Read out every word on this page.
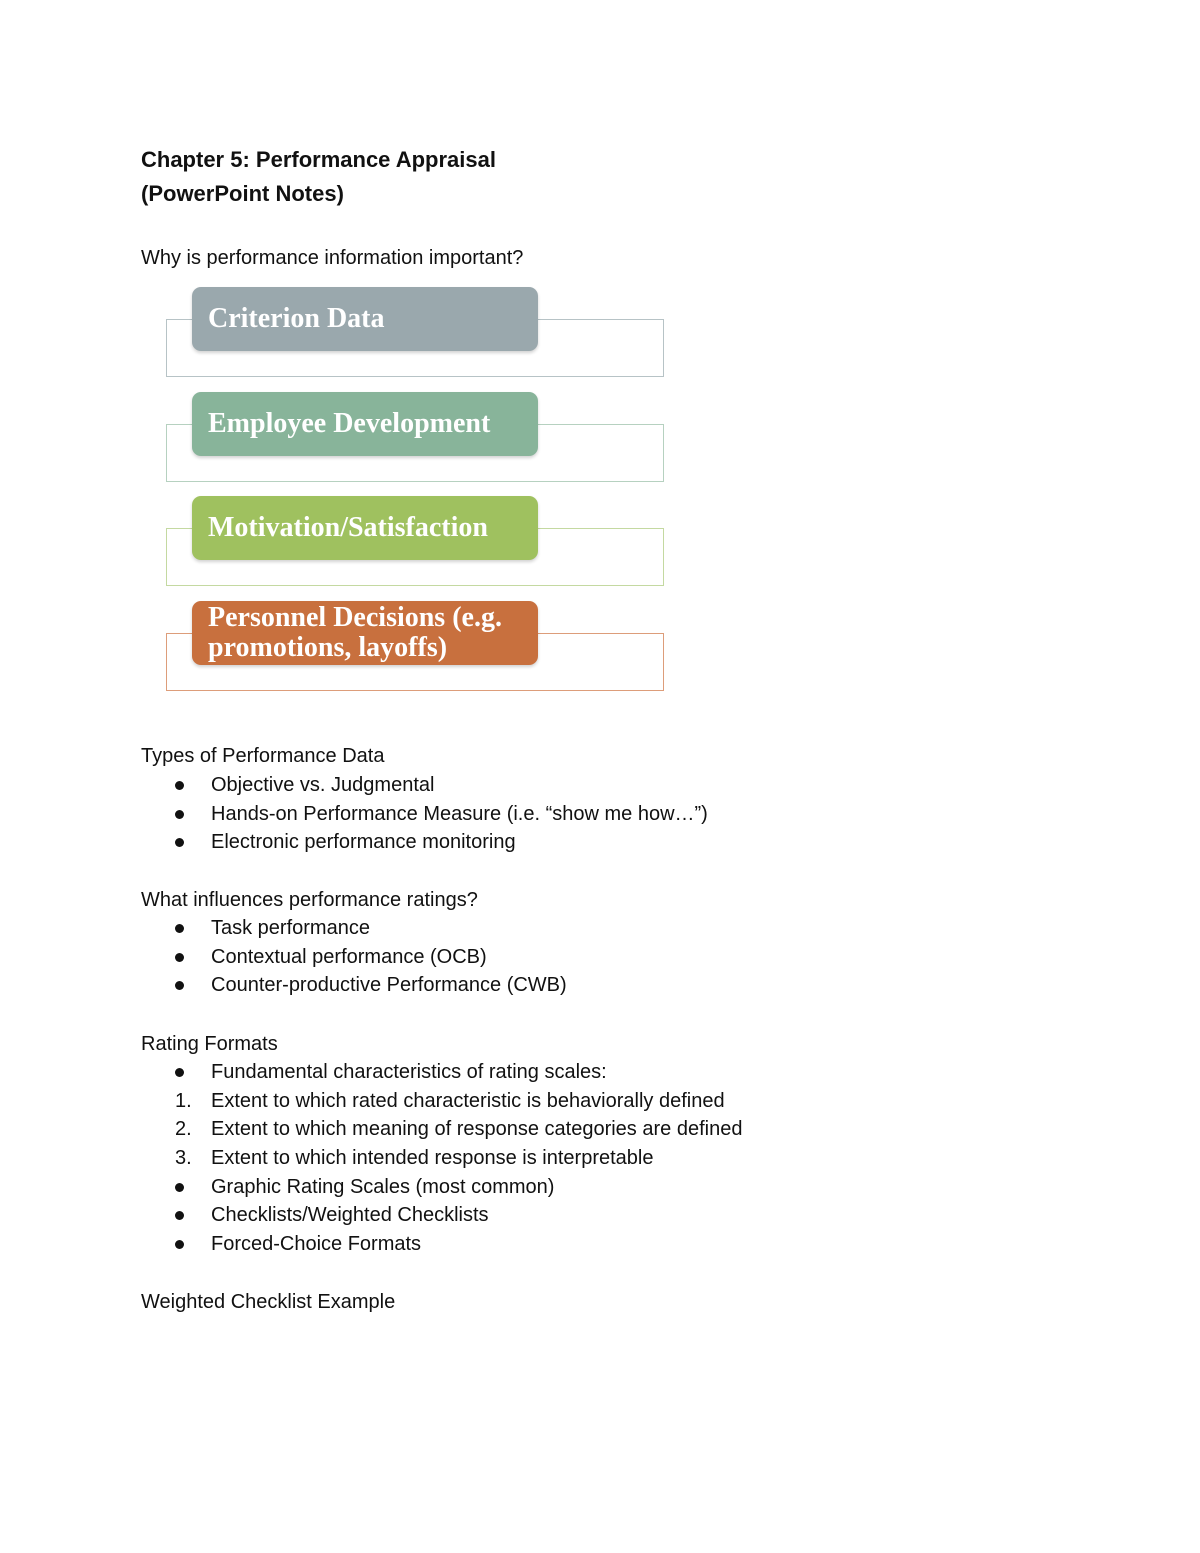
Chapter 5: Performance Appraisal
(PowerPoint Notes)
Why is performance information important?
Criterion Data
Employee Development
Motivation/Satisfaction
Personnel Decisions (e.g.
promotions, layoffs)
Types of Performance Data
Objective vs. Judgmental
Hands-on Performance Measure (i.e. “show me how…”)
Electronic performance monitoring
What influences performance ratings?
Task performance
Contextual performance (OCB)
Counter-productive Performance (CWB)
Rating Formats
Fundamental characteristics of rating scales:
1. Extent to which rated characteristic is behaviorally defined
2. Extent to which meaning of response categories are defined
3. Extent to which intended response is interpretable
Graphic Rating Scales (most common)
Checklists/Weighted Checklists
Forced-Choice Formats
Weighted Checklist Example
